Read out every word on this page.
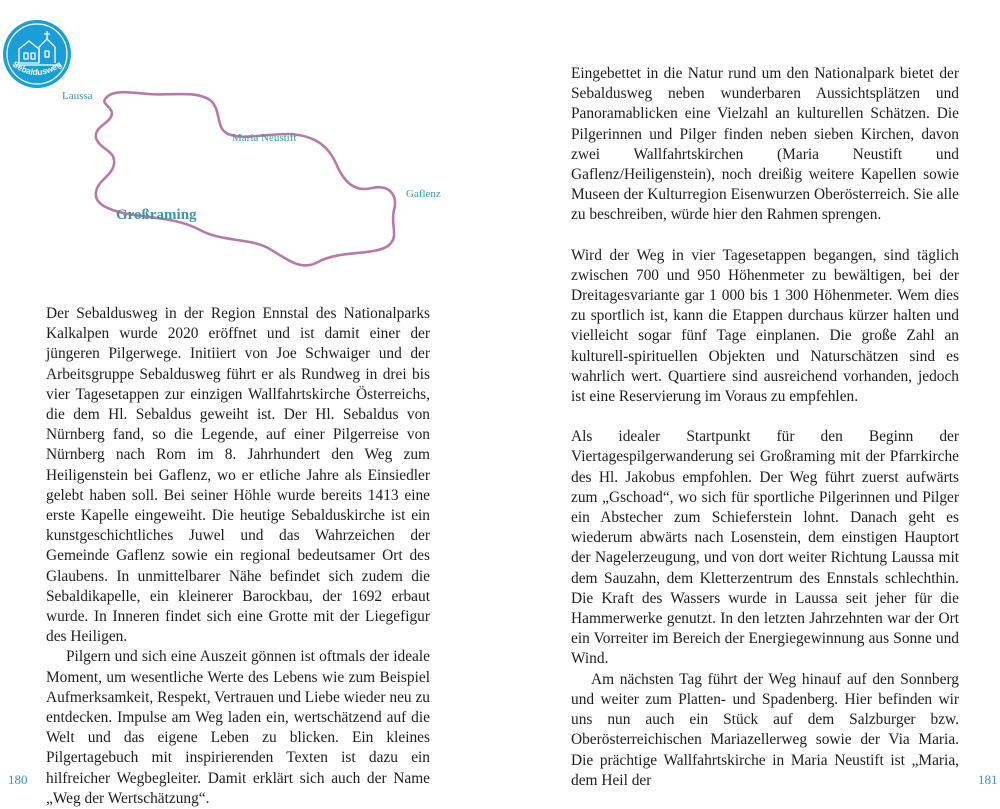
Sebaldusweg
Laussa
Maria Neustift
Gaflenz
Großraming

Der Sebaldusweg in der Region Ennstal des Nationalparks Kalkalpen wurde 2020 eröffnet und ist damit einer der jüngeren Pilgerwege. Initiiert von Joe Schwaiger und der Arbeitsgruppe Sebaldusweg führt er als Rundweg in drei bis vier Tagesetappen zur einzigen Wallfahrtskirche Österreichs, die dem Hl. Sebaldus geweiht ist. Der Hl. Sebaldus von Nürnberg fand, so die Legende, auf einer Pilgerreise von Nürnberg nach Rom im 8. Jahrhundert den Weg zum Heiligenstein bei Gaflenz, wo er etliche Jahre als Einsiedler gelebt haben soll. Bei seiner Höhle wurde bereits 1413 eine erste Kapelle eingeweiht. Die heutige Sebalduskirche ist ein kunstgeschichtliches Juwel und das Wahrzeichen der Gemeinde Gaflenz sowie ein regional bedeutsamer Ort des Glaubens. In unmittelbarer Nähe befindet sich zudem die Sebaldikapelle, ein kleinerer Barockbau, der 1692 erbaut wurde. In Inneren findet sich eine Grotte mit der Liegefigur des Heiligen.

Pilgern und sich eine Auszeit gönnen ist oftmals der ideale Moment, um wesentliche Werte des Lebens wie zum Beispiel Aufmerksamkeit, Respekt, Vertrauen und Liebe wieder neu zu entdecken. Impulse am Weg laden ein, wertschätzend auf die Welt und das eigene Leben zu blicken. Ein kleines Pilgertagebuch mit inspirierenden Texten ist dazu ein hilfreicher Wegbegleiter. Damit erklärt sich auch der Name „Weg der Wertschätzung“.

180

Eingebettet in die Natur rund um den Nationalpark bietet der Sebaldusweg neben wunderbaren Aussichtsplätzen und Panoramablicken eine Vielzahl an kulturellen Schätzen. Die Pilgerinnen und Pilger finden neben sieben Kirchen, davon zwei Wallfahrtskirchen (Maria Neustift und Gaflenz/Heiligenstein), noch dreißig weitere Kapellen sowie Museen der Kulturregion Eisenwurzen Oberösterreich. Sie alle zu beschreiben, würde hier den Rahmen sprengen.

Wird der Weg in vier Tagesetappen begangen, sind täglich zwischen 700 und 950 Höhenmeter zu bewältigen, bei der Dreitagesvariante gar 1 000 bis 1 300 Höhenmeter. Wem dies zu sportlich ist, kann die Etappen durchaus kürzer halten und vielleicht sogar fünf Tage einplanen. Die große Zahl an kulturell-spirituellen Objekten und Naturschätzen sind es wahrlich wert. Quartiere sind ausreichend vorhanden, jedoch ist eine Reservierung im Voraus zu empfehlen.

Als idealer Startpunkt für den Beginn der Viertagespilgerwanderung sei Großraming mit der Pfarrkirche des Hl. Jakobus empfohlen. Der Weg führt zuerst aufwärts zum „Gschoad“, wo sich für sportliche Pilgerinnen und Pilger ein Abstecher zum Schieferstein lohnt. Danach geht es wiederum abwärts nach Losenstein, dem einstigen Hauptort der Nagelerzeugung, und von dort weiter Richtung Laussa mit dem Sauzahn, dem Kletterzentrum des Ennstals schlechthin. Die Kraft des Wassers wurde in Laussa seit jeher für die Hammerwerke genutzt. In den letzten Jahrzehnten war der Ort ein Vorreiter im Bereich der Energiegewinnung aus Sonne und Wind.

Am nächsten Tag führt der Weg hinauf auf den Sonnberg und weiter zum Platten- und Spadenberg. Hier befinden wir uns nun auch ein Stück auf dem Salzburger bzw. Oberösterreichischen Mariazellerweg sowie der Via Maria. Die prächtige Wallfahrtskirche in Maria Neustift ist „Maria, dem Heil der	181
